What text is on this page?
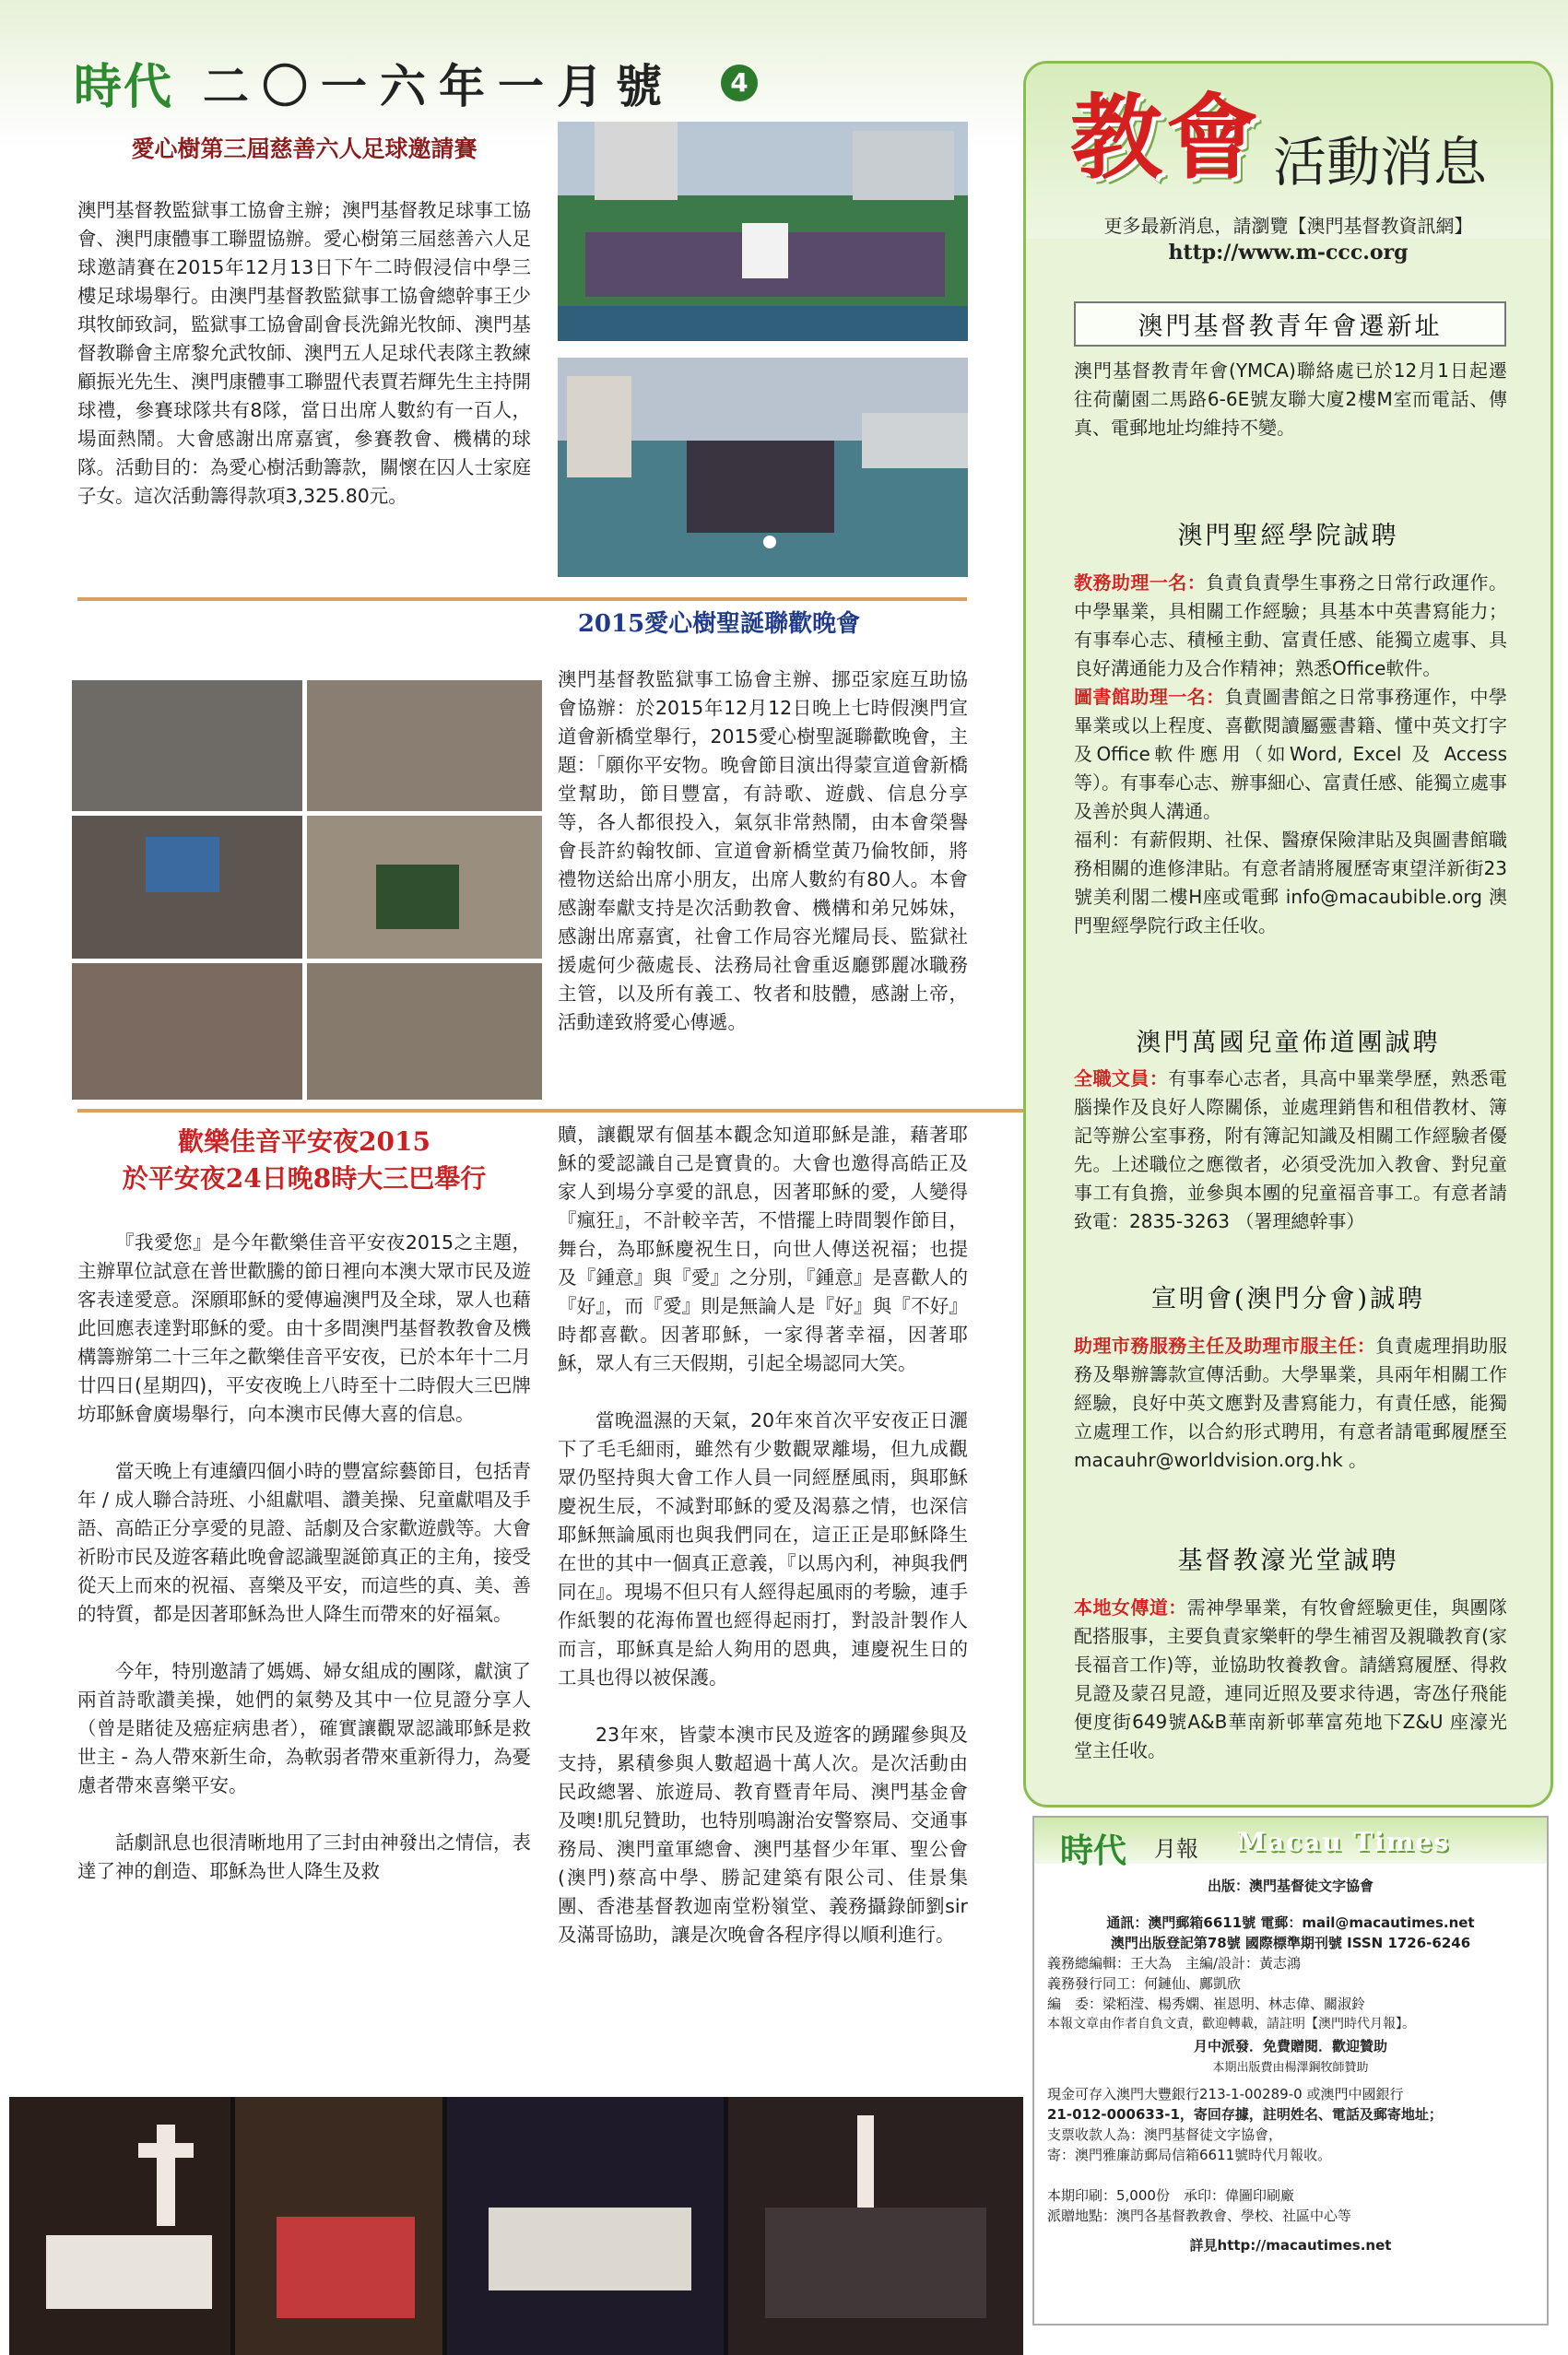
時代 二〇一六年一月號	4
愛心樹第三屆慈善六人足球邀請賽
澳門基督教監獄事工協會主辦；澳門基督教足球事工協會、澳門康體事工聯盟協辦。愛心樹第三屆慈善六人足球邀請賽在2015年12月13日下午二時假浸信中學三樓足球場舉行。由澳門基督教監獄事工協會總幹事王少琪牧師致詞，監獄事工協會副會長洗錦光牧師、澳門基督教聯會主席黎允武牧師、澳門五人足球代表隊主教練顧振光先生、澳門康體事工聯盟代表賈若輝先生主持開球禮，參賽球隊共有8隊，當日出席人數約有一百人，場面熱鬧。大會感謝出席嘉賓，參賽教會、機構的球隊。活動目的：為愛心樹活動籌款，關懷在囚人士家庭子女。這次活動籌得款項3,325.80元。
2015愛心樹聖誕聯歡晚會
澳門基督教監獄事工協會主辦、挪亞家庭互助協會協辦：於2015年12月12日晚上七時假澳門宣道會新橋堂舉行，2015愛心樹聖誕聯歡晚會，主題：「願你平安物。晚會節目演出得蒙宣道會新橋堂幫助，節目豐富，有詩歌、遊戲、信息分享等，各人都很投入，氣氛非常熱鬧，由本會榮譽會長許約翰牧師、宣道會新橋堂黃乃倫牧師，將禮物送給出席小朋友，出席人數約有80人。本會感謝奉獻支持是次活動教會、機構和弟兄姊妹，感謝出席嘉賓，社會工作局容光耀局長、監獄社援處何少薇處長、法務局社會重返廳鄧麗冰職務主管，以及所有義工、牧者和肢體，感謝上帝，活動達致將愛心傳遞。
歡樂佳音平安夜2015
於平安夜24日晚8時大三巴舉行

『我愛您』是今年歡樂佳音平安夜2015之主題，主辦單位試意在普世歡騰的節日裡向本澳大眾市民及遊客表達愛意。深願耶穌的愛傳遍澳門及全球，眾人也藉此回應表達對耶穌的愛。由十多間澳門基督教教會及機構籌辦第二十三年之歡樂佳音平安夜，已於本年十二月廿四日(星期四)，平安夜晚上八時至十二時假大三巴牌坊耶穌會廣場舉行，向本澳市民傳大喜的信息。

當天晚上有連續四個小時的豐富綜藝節目，包括青年 / 成人聯合詩班、小組獻唱、讚美操、兒童獻唱及手語、高皓正分享愛的見證、話劇及合家歡遊戲等。大會祈盼市民及遊客藉此晚會認識聖誕節真正的主角，接受從天上而來的祝福、喜樂及平安，而這些的真、美、善的特質，都是因著耶穌為世人降生而帶來的好福氣。

今年，特別邀請了媽媽、婦女組成的團隊，獻演了兩首詩歌讚美操，她們的氣勢及其中一位見證分享人（曾是賭徒及癌症病患者），確實讓觀眾認識耶穌是救世主 - 為人帶來新生命，為軟弱者帶來重新得力，為憂慮者帶來喜樂平安。

話劇訊息也很清晰地用了三封由神發出之情信，表達了神的創造、耶穌為世人降生及救

贖，讓觀眾有個基本觀念知道耶穌是誰，藉著耶穌的愛認識自己是寶貴的。大會也邀得高皓正及家人到場分享愛的訊息，因著耶穌的愛，人變得『瘋狂』，不計較辛苦，不惜擺上時間製作節目，舞台，為耶穌慶祝生日，向世人傳送祝福；也提及『鍾意』與『愛』之分別，『鍾意』是喜歡人的『好』，而『愛』則是無論人是『好』與『不好』時都喜歡。因著耶穌，一家得著幸福，因著耶穌，眾人有三天假期，引起全場認同大笑。

當晚溫濕的天氣，20年來首次平安夜正日灑下了毛毛細雨，雖然有少數觀眾離場，但九成觀眾仍堅持與大會工作人員一同經歷風雨，與耶穌慶祝生辰，不減對耶穌的愛及渴慕之情，也深信耶穌無論風雨也與我們同在，這正正是耶穌降生在世的其中一個真正意義，『以馬內利，神與我們同在』。現場不但只有人經得起風雨的考驗，連手作紙製的花海佈置也經得起雨打，對設計製作人而言，耶穌真是給人夠用的恩典，連慶祝生日的工具也得以被保護。

23年來，皆蒙本澳市民及遊客的踴躍參與及支持，累積參與人數超過十萬人次。是次活動由民政總署、旅遊局、教育暨青年局、澳門基金會及噢!肌兒贊助，也特別鳴謝治安警察局、交通事務局、澳門童軍總會、澳門基督少年軍、聖公會(澳門)蔡高中學、勝記建築有限公司、佳景集團、香港基督教迦南堂粉嶺堂、義務攝錄師劉sir及滿哥協助，讓是次晚會各程序得以順利進行。

教會 活動消息
更多最新消息，請瀏覽【澳門基督教資訊網】
http://www.m-ccc.org
澳門基督教青年會遷新址

澳門基督教青年會(YMCA)聯絡處已於12月1日起遷往荷蘭園二馬路6-6E號友聯大廈2樓M室而電話、傳真、電郵地址均維持不變。

澳門聖經學院誠聘

教務助理一名：負責負責學生事務之日常行政運作。中學畢業，具相關工作經驗；具基本中英書寫能力；有事奉心志、積極主動、富責任感、能獨立處事、具良好溝通能力及合作精神；熟悉Office軟件。
圖書館助理一名：負責圖書館之日常事務運作，中學畢業或以上程度、喜歡閱讀屬靈書籍、懂中英文打字及Office軟件應用（如Word, Excel 及 Access 等）。有事奉心志、辦事細心、富責任感、能獨立處事及善於與人溝通。
福利：有薪假期、社保、醫療保險津貼及與圖書館職務相關的進修津貼。有意者請將履歷寄東望洋新街23號美利閣二樓H座或電郵 info@macaubible.org 澳門聖經學院行政主任收。

澳門萬國兒童佈道團誠聘

全職文員：有事奉心志者，具高中畢業學歷，熟悉電腦操作及良好人際關係，並處理銷售和租借教材、簿記等辦公室事務，附有簿記知識及相關工作經驗者優先。上述職位之應徵者，必須受洗加入教會、對兒童事工有負擔，並參與本團的兒童福音事工。有意者請致電：2835-3263 （署理總幹事）

宣明會(澳門分會)誠聘

助理市務服務主任及助理市服主任：負責處理捐助服務及舉辦籌款宣傳活動。大學畢業，具兩年相關工作經驗，良好中英文應對及書寫能力，有責任感，能獨立處理工作，以合約形式聘用，有意者請電郵履歷至macauhr@worldvision.org.hk 。

基督教濠光堂誠聘

本地女傳道：需神學畢業，有牧會經驗更佳，與團隊配搭服事，主要負責家樂軒的學生補習及親職教育(家長福音工作)等，並協助牧養教會。請繕寫履歷、得救見證及蒙召見證，連同近照及要求待遇，寄氹仔飛能便度街649號A&B華南新邨華富苑地下Z&U 座濠光堂主任收。

時代 月報 Macau Times
出版：澳門基督徒文字協會
通訊：澳門郵箱6611號 電郵：mail@macautimes.net
澳門出版登記第78號 國際標準期刊號 ISSN 1726-6246
義務總編輯：王大為　主編/設計：黃志鴻
義務發行同工：何鏈仙、鄺凱欣
編　委：梁粨滢、楊秀嫻、崔恩明、林志偉、關淑鈴
本報文章由作者自負文責，歡迎轉載，請註明【澳門時代月報】。
月中派發．免費贈閱．歡迎贊助
本期出版費由楊澤鋼牧師贊助
現金可存入澳門大豐銀行213-1-00289-0 或澳門中國銀行
21-012-000633-1，寄回存據，註明姓名、電話及郵寄地址；
支票收款人為：澳門基督徒文字協會，
寄：澳門雅廉訪郵局信箱6611號時代月報收。
本期印刷：5,000份　承印：偉圖印刷廠
派贈地點：澳門各基督教教會、學校、社區中心等
詳見http://macautimes.net
